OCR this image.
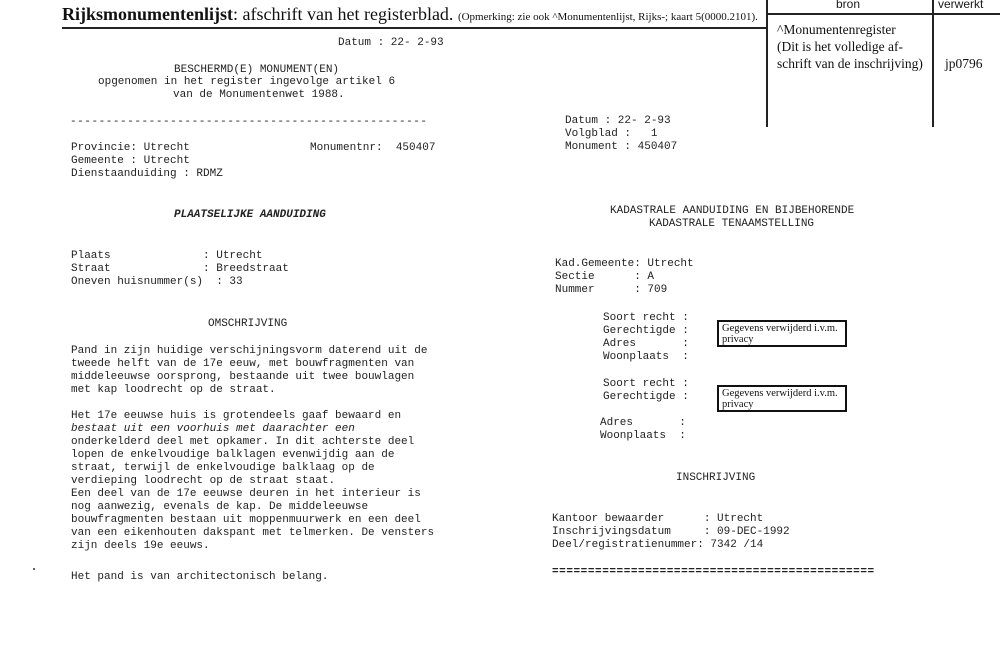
Rijksmonumentenlijst: afschrift van het registerblad. (Opmerking: zie ook ^Monumentenlijst, Rijks-; kaart 5(0000.2101).
bron	verwerkt
^Monumentenregister
(Dit is het volledige af-
schrift van de inschrijving) jp0796
Datum : 22- 2-93
BESCHERMD(E) MONUMENT(EN)
opgenomen in het register ingevolge artikel 6
van de Monumentenwet 1988.
--------------------------------------------------
Provincie: Utrecht	Monumentnr:  450407
Gemeente : Utrecht
Dienstaanduiding : RDMZ
PLAATSELIJKE AANDUIDING
Plaats              : Utrecht
Straat              : Breedstraat
Oneven huisnummer(s)  : 33
OMSCHRIJVING
Pand in zijn huidige verschijningsvorm daterend uit de
tweede helft van de 17e eeuw, met bouwfragmenten van
middeleeuwse oorsprong, bestaande uit twee bouwlagen
met kap loodrecht op de straat.
Het 17e eeuwse huis is grotendeels gaaf bewaard en
bestaat uit een voorhuis met daarachter een
onderkelderd deel met opkamer. In dit achterste deel
lopen de enkelvoudige balklagen evenwijdig aan de
straat, terwijl de enkelvoudige balklaag op de
verdieping loodrecht op de straat staat.
Een deel van de 17e eeuwse deuren in het interieur is
nog aanwezig, evenals de kap. De middeleeuwse
bouwfragmenten bestaan uit moppenmuurwerk en een deel
van een eikenhouten dakspant met telmerken. De vensters
zijn deels 19e eeuws.
Het pand is van architectonisch belang.
Datum : 22- 2-93
Volgblad :   1
Monument : 450407
KADASTRALE AANDUIDING EN BIJBEHORENDE
KADASTRALE TENAAMSTELLING
Kad.Gemeente: Utrecht
Sectie      : A
Nummer      : 709
Soort recht :
Gerechtigde :
Adres       :
Woonplaats  :
Gegevens verwijderd i.v.m. privacy
Soort recht :
Gerechtigde :	Gegevens verwijderd i.v.m. privacy
Adres       :
Woonplaats  :
INSCHRIJVING
Kantoor bewaarder      : Utrecht
Inschrijvingsdatum     : 09-DEC-1992
Deel/registratienummer: 7342 /14
=============================================
